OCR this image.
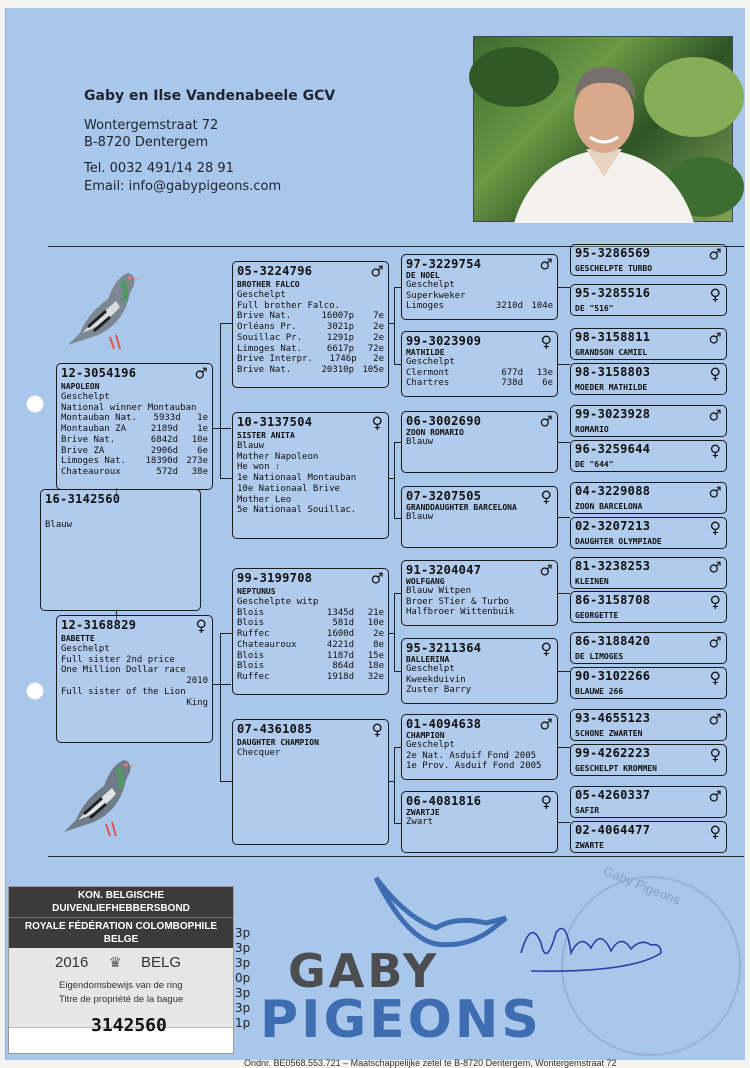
Gaby en Ilse Vandenabeele GCV
Wontergemstraat 72
B-8720 Dentergem
Tel. 0032 491/14 28 91
Email: info@gabypigeons.com
16-3142560
Blauw
12-3054196	♂
NAPOLEON
Geschelpt
National winner Montauban
Montauban Nat.	5933d	1e
Montauban ZA	2189d	1e
Brive Nat.	6842d	10e
Brive ZA	2906d	6e
Limoges Nat.	18390d 273e
Chateauroux	572d	38e
12-3168829	♀
BABETTE
Geschelpt
Full sister 2nd price
One Million Dollar race
2010
Full sister of the Lion
King
05-3224796	♂
BROTHER FALCO
Geschelpt
Full brother Falco.
Brive Nat.	16007p	7e
Orléans Pr.	3021p	2e
Souillac Pr.	1291p	2e
Limoges Nat.	6617p	72e
Brive Interpr.	1746p	2e
Brive Nat.	20310p 105e
10-3137504	♀
SISTER ANITA
Blauw
Mother Napoleon
He won :
1e Nationaal Montauban
10e Nationaal Brive
Mother Leo
5e Nationaal Souillac.
99-3199708	♂
NEPTUNUS
Geschelpte witp
Blois	1345d	21e
Blois	581d	10e
Ruffec	1600d	2e
Chateauroux	4221d	8e
Blois	1187d	15e
Blois	864d	18e
Ruffec	1918d	32e
07-4361085	♀
DAUGHTER CHAMPION
Checquer
97-3229754	♂
DE NOEL
Geschelpt
Superkweker
Limoges	3210d 104e
99-3023909	♀
MATHILDE
Geschelpt
Clermont	677d	13e
Chartres	738d	6e
06-3002690	♂
ZOON ROMARIO
Blauw
07-3207505	♀
GRANDDAUGHTER BARCELONA
Blauw
91-3204047	♂
WOLFGANG
Blauw Witpen
Broer STier & Turbo
Halfbroer Wittenbuik
95-3211364	♀
BALLERINA
Geschelpt
Kweekduivin
Zuster Barry
01-4094638	♂
CHAMPION
Geschelpt
2e Nat. Asduif Fond 2005
1e Prov. Asduif Fond 2005
06-4081816	♀
ZWARTJE
Zwart
95-3286569	♂
GESCHELPTE TURBO
95-3285516	♀
DE "516"
98-3158811	♂
GRANDSON CAMIEL
98-3158803	♀
MOEDER MATHILDE
99-3023928	♂
ROMARIO
96-3259644	♀
DE "644"
04-3229088	♂
ZOON BARCELONA
02-3207213	♀
DAUGHTER OLYMPIADE
81-3238253	♂
KLEINEN
86-3158708	♀
GEORGETTE
86-3188420	♂
DE LIMOGES
90-3102266	♀
BLAUWE 266
93-4655123	♂
SCHONE ZWARTEN
99-4262223	♀
GESCHELPT KROMMEN
05-4260337	♂
SAFIR
02-4064477	♀
ZWARTE
GABY
PIGEONS
Gaby Pigeons
3p
3p
3p
0p
3p
3p
1p
Ondnr. BE0568.553.721 – Maatschappelijke zetel te B-8720 Dentergem, Wontergemstraat 72
KON. BELGISCHE DUIVENLIEFHEBBERSBOND
ROYALE FÉDÉRATION COLOMBOPHILE BELGE
2016 ♛ BELG
Eigendomsbewijs van de ring
Titre de propriété de la bague
3142560
